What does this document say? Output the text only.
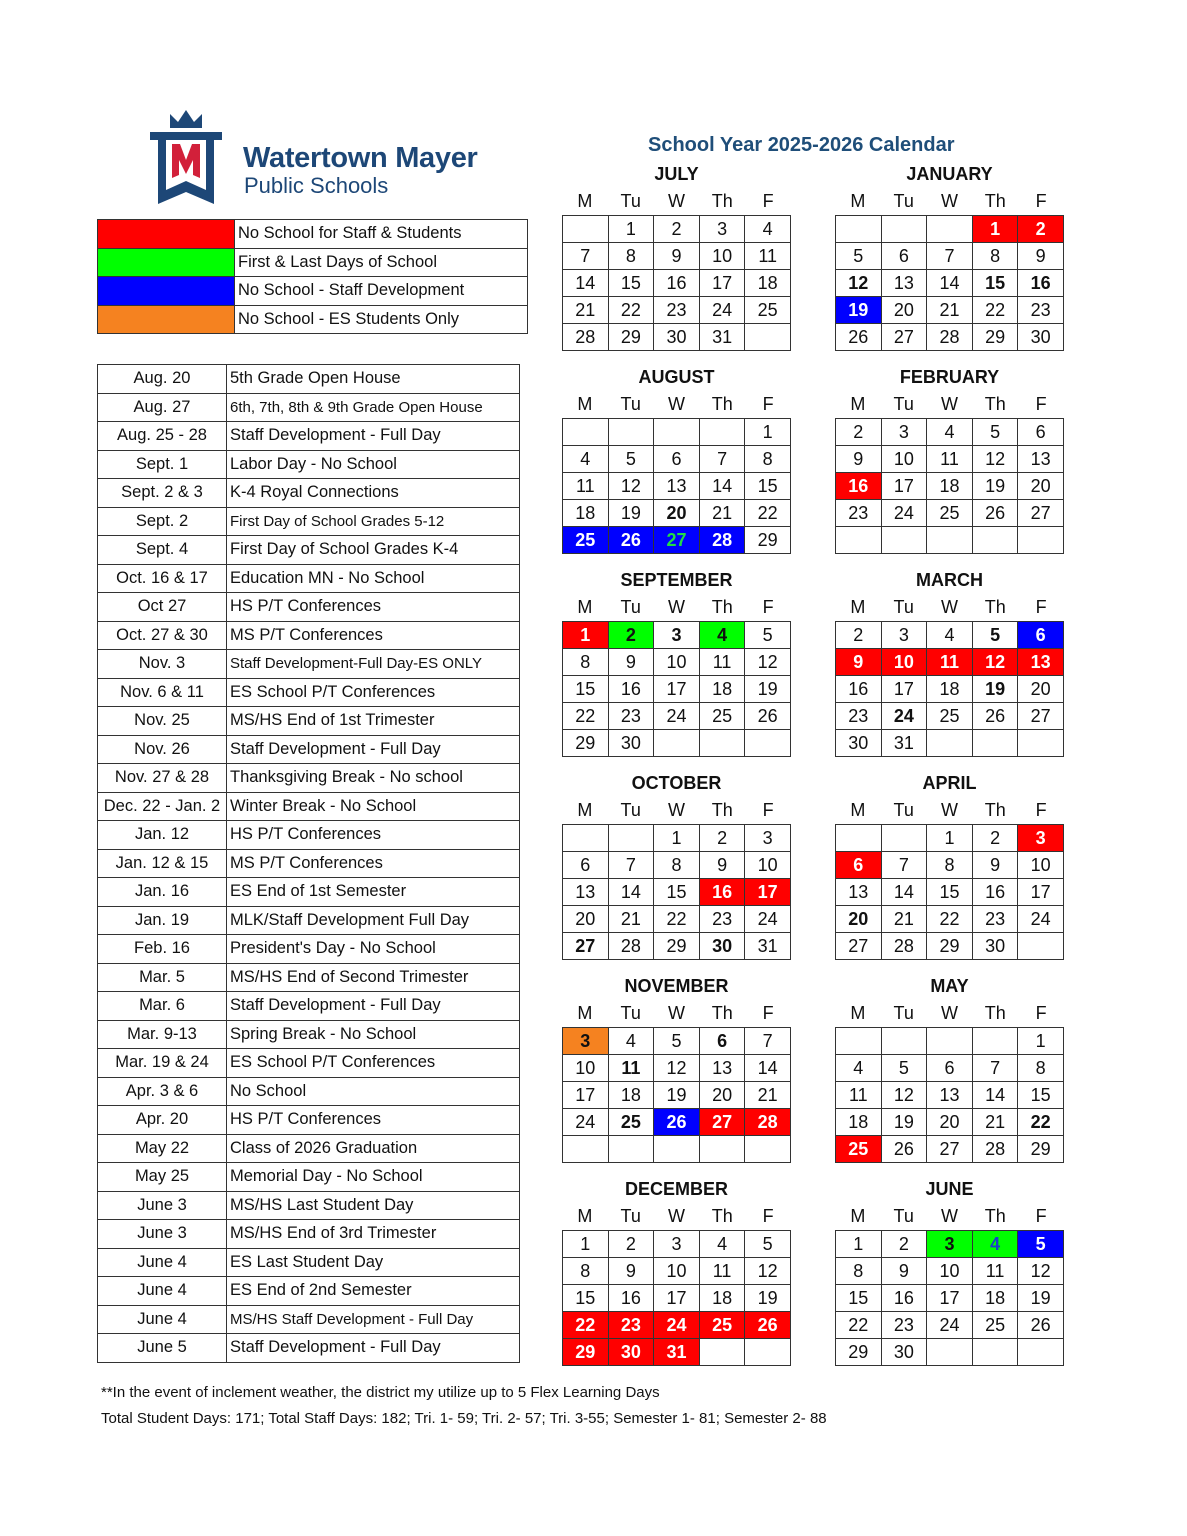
Watertown Mayer
Public Schools
School Year 2025-2026 Calendar
	No School for Staff & Students
	First & Last Days of School
	No School - Staff Development
	No School - ES Students Only
Aug. 20	5th Grade Open House
Aug. 27	6th, 7th, 8th & 9th Grade Open House
Aug. 25 - 28	Staff Development - Full Day
Sept. 1	Labor Day - No School
Sept. 2 & 3	K-4 Royal Connections
Sept. 2	First Day of School Grades 5-12
Sept. 4	First Day of School Grades K-4
Oct. 16 & 17	Education MN - No School
Oct 27	HS P/T Conferences
Oct. 27 & 30	MS P/T Conferences
Nov. 3	Staff Development-Full Day-ES ONLY
Nov. 6 & 11	ES School P/T Conferences
Nov. 25	MS/HS End of 1st Trimester
Nov. 26	Staff Development - Full Day
Nov. 27 & 28	Thanksgiving Break - No school
Dec. 22 - Jan. 2	Winter Break - No School
Jan. 12	HS P/T Conferences
Jan. 12 & 15	MS P/T Conferences
Jan. 16	ES End of 1st Semester
Jan. 19	MLK/Staff Development Full Day
Feb. 16	President's Day - No School
Mar. 5	MS/HS End of Second Trimester
Mar. 6	Staff Development - Full Day
Mar. 9-13	Spring Break - No School
Mar. 19 & 24	ES School P/T Conferences
Apr. 3 & 6	No School
Apr. 20	HS P/T Conferences
May 22	Class of 2026 Graduation
May 25	Memorial Day - No School
June 3	MS/HS Last Student Day
June 3	MS/HS End of 3rd Trimester
June 4	ES Last Student Day
June 4	ES End of 2nd Semester
June 4	MS/HS Staff Development - Full Day
June 5	Staff Development - Full Day
JULY
M	Tu	W	Th	F
	1	2	3	4
7	8	9	10	11
14	15	16	17	18
21	22	23	24	25
28	29	30	31	
AUGUST
M	Tu	W	Th	F
				1
4	5	6	7	8
11	12	13	14	15
18	19	20	21	22
25	26	27	28	29
SEPTEMBER
M	Tu	W	Th	F
1	2	3	4	5
8	9	10	11	12
15	16	17	18	19
22	23	24	25	26
29	30			
OCTOBER
M	Tu	W	Th	F
		1	2	3
6	7	8	9	10
13	14	15	16	17
20	21	22	23	24
27	28	29	30	31
NOVEMBER
M	Tu	W	Th	F
3	4	5	6	7
10	11	12	13	14
17	18	19	20	21
24	25	26	27	28

DECEMBER
M	Tu	W	Th	F
1	2	3	4	5
8	9	10	11	12
15	16	17	18	19
22	23	24	25	26
29	30	31		
JANUARY
M	Tu	W	Th	F
			1	2
5	6	7	8	9
12	13	14	15	16
19	20	21	22	23
26	27	28	29	30
FEBRUARY
M	Tu	W	Th	F
2	3	4	5	6
9	10	11	12	13
16	17	18	19	20
23	24	25	26	27

MARCH
M	Tu	W	Th	F
2	3	4	5	6
9	10	11	12	13
16	17	18	19	20
23	24	25	26	27
30	31			
APRIL
M	Tu	W	Th	F
		1	2	3
6	7	8	9	10
13	14	15	16	17
20	21	22	23	24
27	28	29	30	
MAY
M	Tu	W	Th	F
				1
4	5	6	7	8
11	12	13	14	15
18	19	20	21	22
25	26	27	28	29
JUNE
M	Tu	W	Th	F
1	2	3	4	5
8	9	10	11	12
15	16	17	18	19
22	23	24	25	26
29	30			
**In the event of inclement weather, the district my utilize up to 5 Flex Learning Days
Total Student Days: 171; Total Staff Days: 182; Tri. 1- 59; Tri. 2- 57; Tri. 3-55; Semester 1- 81; Semester 2- 88
